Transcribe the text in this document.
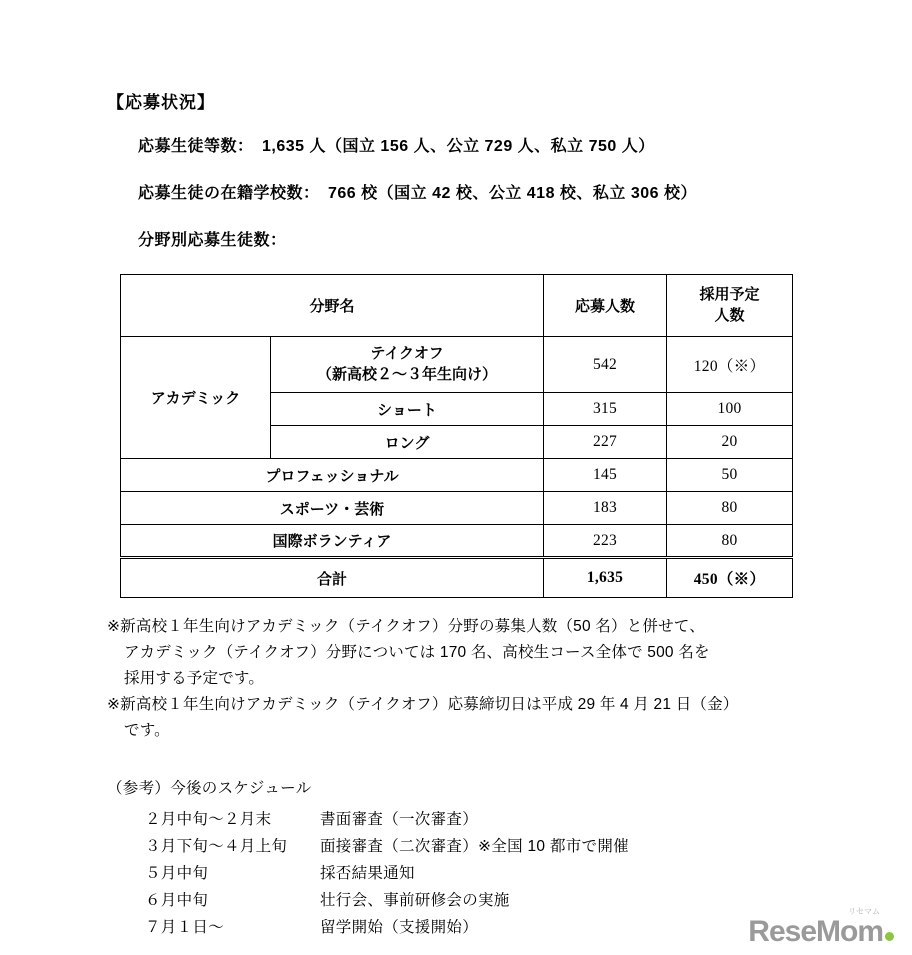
【応募状況】
応募生徒等数：　1,635 人（国立 156 人、公立 729 人、私立 750 人）
応募生徒の在籍学校数：　766 校（国立 42 校、公立 418 校、私立 306 校）
分野別応募生徒数：
分野名		応募人数	採用予定
人数

アカデミック	テイクオフ
（新高校２～３年生向け）	542	120（※）
	ショート	315	100
	ロング	227	20
プロフェッショナル		145	50
スポーツ・芸術		183	80
国際ボランティア		223	80
合計		1,635	450（※）
※新高校１年生向けアカデミック（テイクオフ）分野の募集人数（50 名）と併せて、
アカデミック（テイクオフ）分野については 170 名、高校生コース全体で 500 名を
採用する予定です。
※新高校１年生向けアカデミック（テイクオフ）応募締切日は平成 29 年 4 月 21 日（金）
です。
（参考）今後のスケジュール
２月中旬～２月末	書面審査（一次審査）
３月下旬～４月上旬	面接審査（二次審査）※全国 10 都市で開催
５月中旬	採否結果通知
６月中旬	壮行会、事前研修会の実施
７月１日～	留学開始（支援開始）
リセマム
ReseMom
